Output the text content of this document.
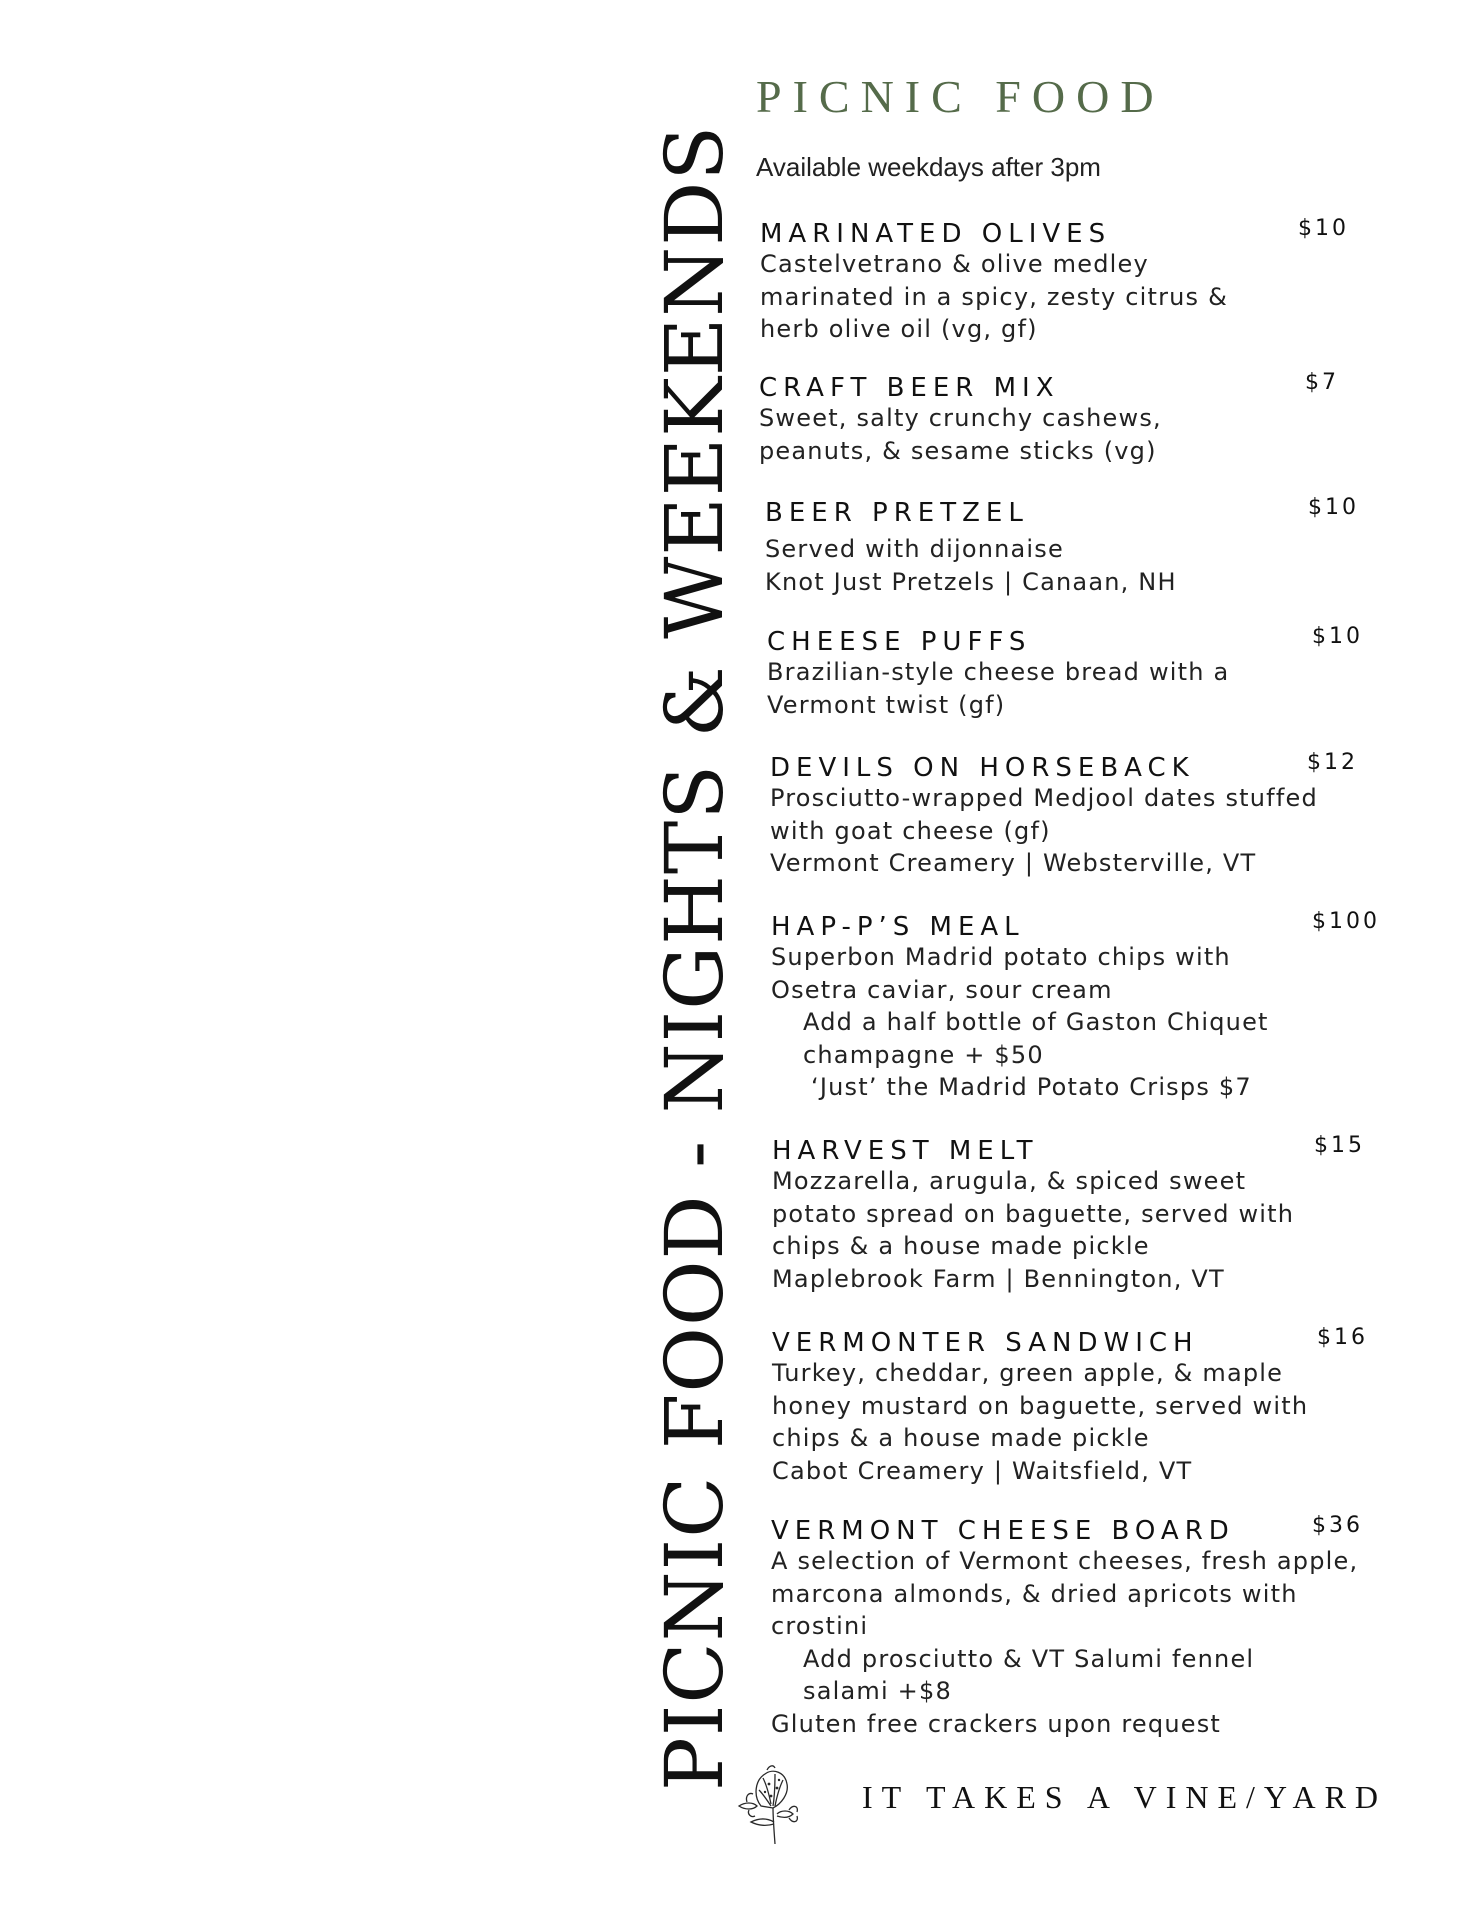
PICNIC FOOD - NIGHTS & WEEKENDS
PICNIC FOOD
Available weekdays after 3pm
MARINATED OLIVES	$10
Castelvetrano & olive medley
marinated in a spicy, zesty citrus &
herb olive oil (vg, gf)
CRAFT BEER MIX	$7
Sweet, salty crunchy cashews,
peanuts, & sesame sticks (vg)
BEER PRETZEL	$10
Served with dijonnaise
Knot Just Pretzels | Canaan, NH
CHEESE PUFFS	$10
Brazilian-style cheese bread with a
Vermont twist (gf)
DEVILS ON HORSEBACK	$12
Prosciutto-wrapped Medjool dates stuffed
with goat cheese (gf)
Vermont Creamery | Websterville, VT
HAP-P’S MEAL	$100
Superbon Madrid potato chips with
Osetra caviar, sour cream
Add a half bottle of Gaston Chiquet
champagne + $50
‘Just’ the Madrid Potato Crisps $7
HARVEST MELT	$15
Mozzarella, arugula, & spiced sweet
potato spread on baguette, served with
chips & a house made pickle
Maplebrook Farm | Bennington, VT
VERMONTER SANDWICH	$16
Turkey, cheddar, green apple, & maple
honey mustard on baguette, served with
chips & a house made pickle
Cabot Creamery | Waitsfield, VT
VERMONT CHEESE BOARD	$36
A selection of Vermont cheeses, fresh apple,
marcona almonds, & dried apricots with
crostini
Add prosciutto & VT Salumi fennel
salami +$8
Gluten free crackers upon request
IT TAKES A VINE/YARD
